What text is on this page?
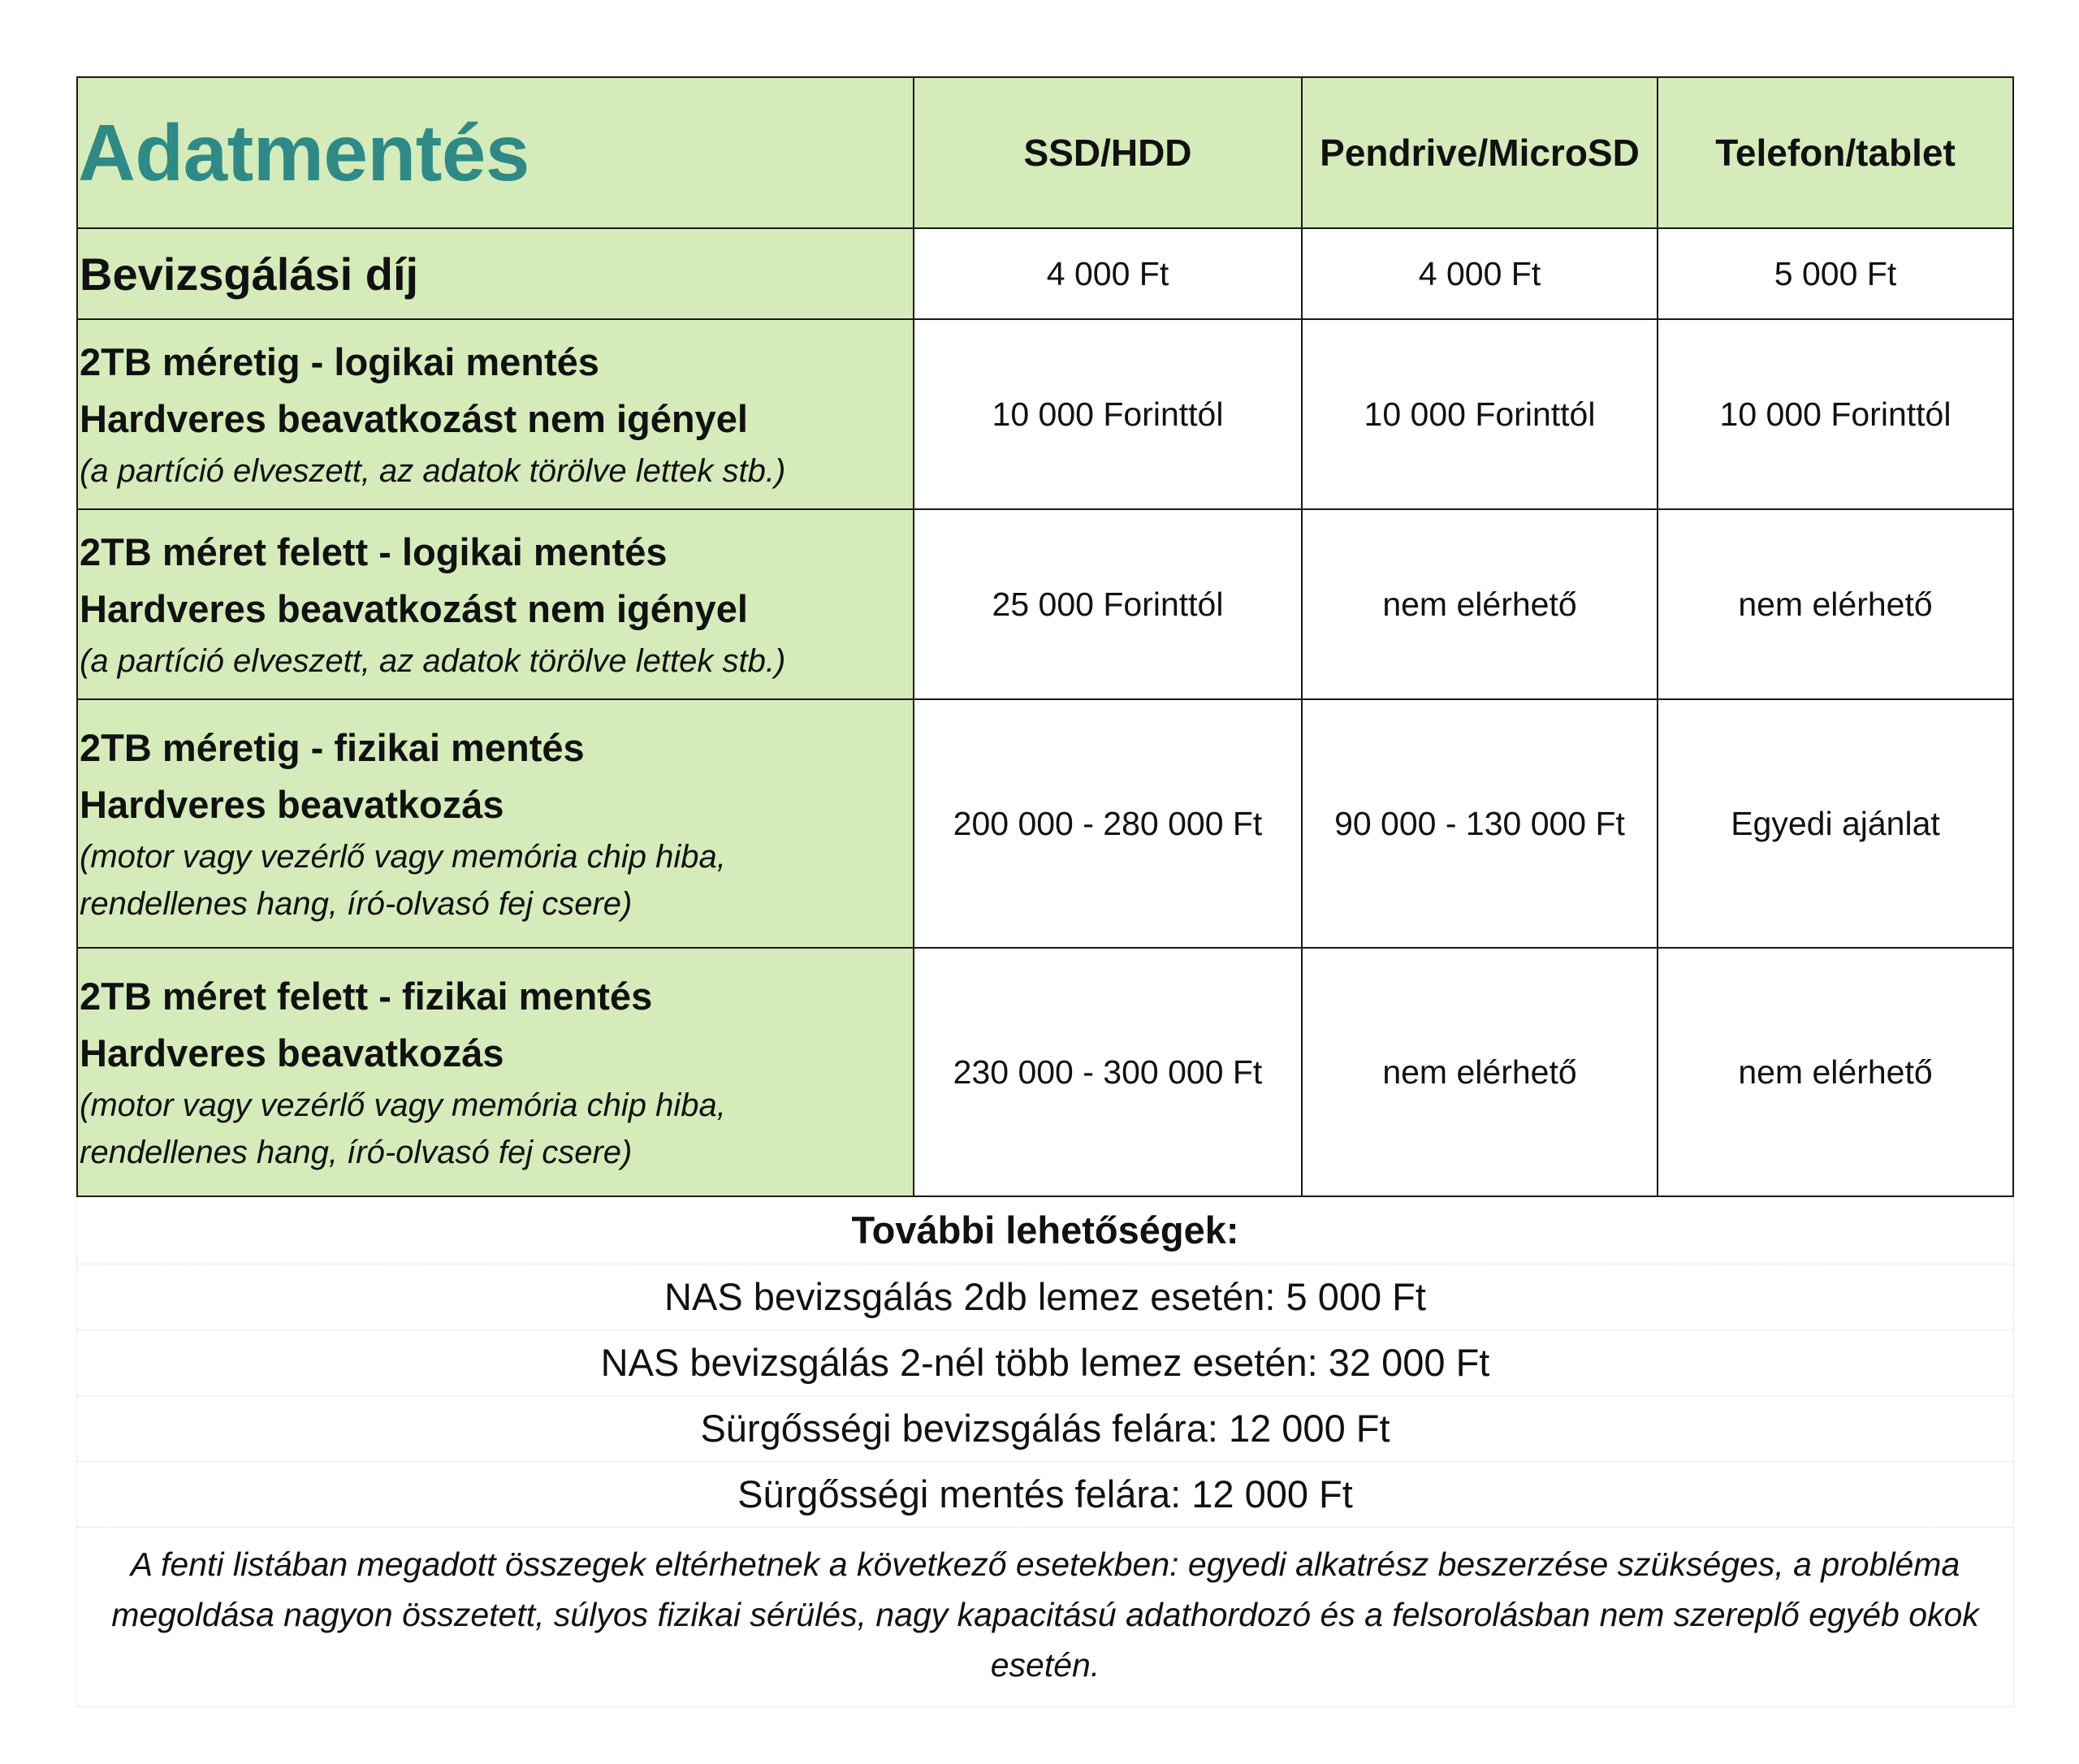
Adatmentés	SSD/HDD	Pendrive/MicroSD	Telefon/tablet

Bevizsgálási díj	4 000 Ft	4 000 Ft	5 000 Ft

2TB méretig - logikai mentés
Hardveres beavatkozást nem igényel
(a partíció elveszett, az adatok törölve lettek stb.)	10 000 Forinttól	10 000 Forinttól	10 000 Forinttól

2TB méret felett - logikai mentés
Hardveres beavatkozást nem igényel
(a partíció elveszett, az adatok törölve lettek stb.)	25 000 Forinttól	nem elérhető	nem elérhető

2TB méretig - fizikai mentés
Hardveres beavatkozás
(motor vagy vezérlő vagy memória chip hiba, rendellenes hang, író-olvasó fej csere)	200 000 - 280 000 Ft	90 000 - 130 000 Ft	Egyedi ajánlat

2TB méret felett - fizikai mentés
Hardveres beavatkozás
(motor vagy vezérlő vagy memória chip hiba, rendellenes hang, író-olvasó fej csere)	230 000 - 300 000 Ft	nem elérhető	nem elérhető
További lehetőségek:
NAS bevizsgálás 2db lemez esetén: 5 000 Ft
NAS bevizsgálás 2-nél több lemez esetén: 32 000 Ft
Sürgősségi bevizsgálás felára: 12 000 Ft
Sürgősségi mentés felára: 12 000 Ft
A fenti listában megadott összegek eltérhetnek a következő esetekben: egyedi alkatrész beszerzése szükséges, a probléma megoldása nagyon összetett, súlyos fizikai sérülés, nagy kapacitású adathordozó és a felsorolásban nem szereplő egyéb okok esetén.
